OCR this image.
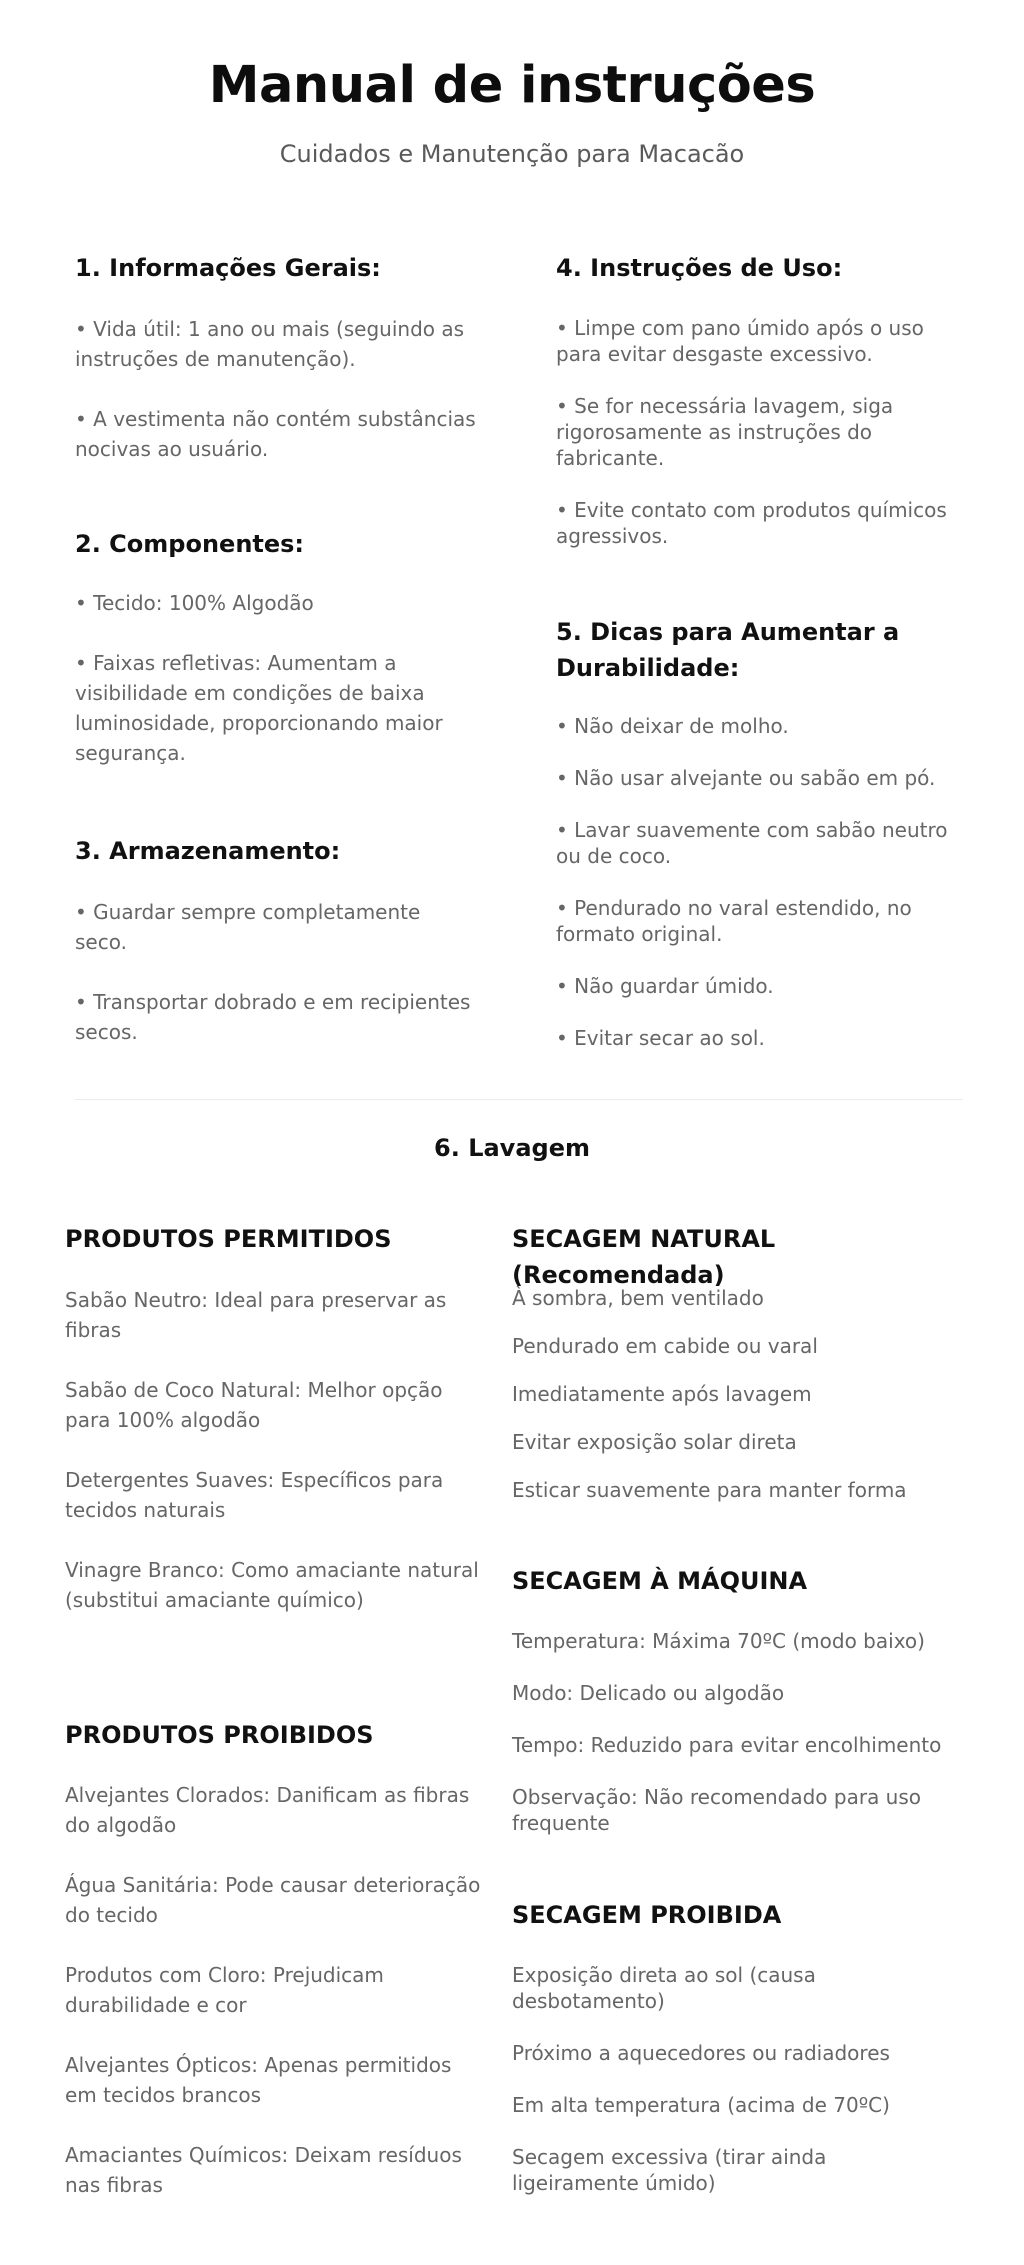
Manual de instruções

Cuidados e Manutenção para Macacão

1. Informações Gerais:

• Vida útil: 1 ano ou mais (seguindo as instruções de manutenção).

• A vestimenta não contém substâncias nocivas ao usuário.

2. Componentes:

• Tecido: 100% Algodão

• Faixas refletivas: Aumentam a visibilidade em condições de baixa luminosidade, proporcionando maior segurança.

3. Armazenamento:

• Guardar sempre completamente seco.

• Transportar dobrado e em recipientes secos.

4. Instruções de Uso:

• Limpe com pano úmido após o uso para evitar desgaste excessivo.

• Se for necessária lavagem, siga rigorosamente as instruções do fabricante.

• Evite contato com produtos químicos agressivos.

5. Dicas para Aumentar a Durabilidade:

• Não deixar de molho.

• Não usar alvejante ou sabão em pó.

• Lavar suavemente com sabão neutro ou de coco.

• Pendurado no varal estendido, no formato original.

• Não guardar úmido.

• Evitar secar ao sol.

6. Lavagem
PRODUTOS PERMITIDOS

Sabão Neutro: Ideal para preservar as fibras

Sabão de Coco Natural: Melhor opção para 100% algodão

Detergentes Suaves: Específicos para tecidos naturais

Vinagre Branco: Como amaciante natural (substitui amaciante químico)

PRODUTOS PROIBIDOS

Alvejantes Clorados: Danificam as fibras do algodão

Água Sanitária: Pode causar deterioração do tecido

Produtos com Cloro: Prejudicam durabilidade e cor

Alvejantes Ópticos: Apenas permitidos em tecidos brancos

Amaciantes Químicos: Deixam resíduos nas fibras

SECAGEM NATURAL (Recomendada)

À sombra, bem ventilado

Pendurado em cabide ou varal

Imediatamente após lavagem

Evitar exposição solar direta

Esticar suavemente para manter forma

SECAGEM À MÁQUINA

Temperatura: Máxima 70ºC (modo baixo)

Modo: Delicado ou algodão

Tempo: Reduzido para evitar encolhimento

Observação: Não recomendado para uso frequente

SECAGEM PROIBIDA

Exposição direta ao sol (causa desbotamento)

Próximo a aquecedores ou radiadores

Em alta temperatura (acima de 70ºC)

Secagem excessiva (tirar ainda ligeiramente úmido)
